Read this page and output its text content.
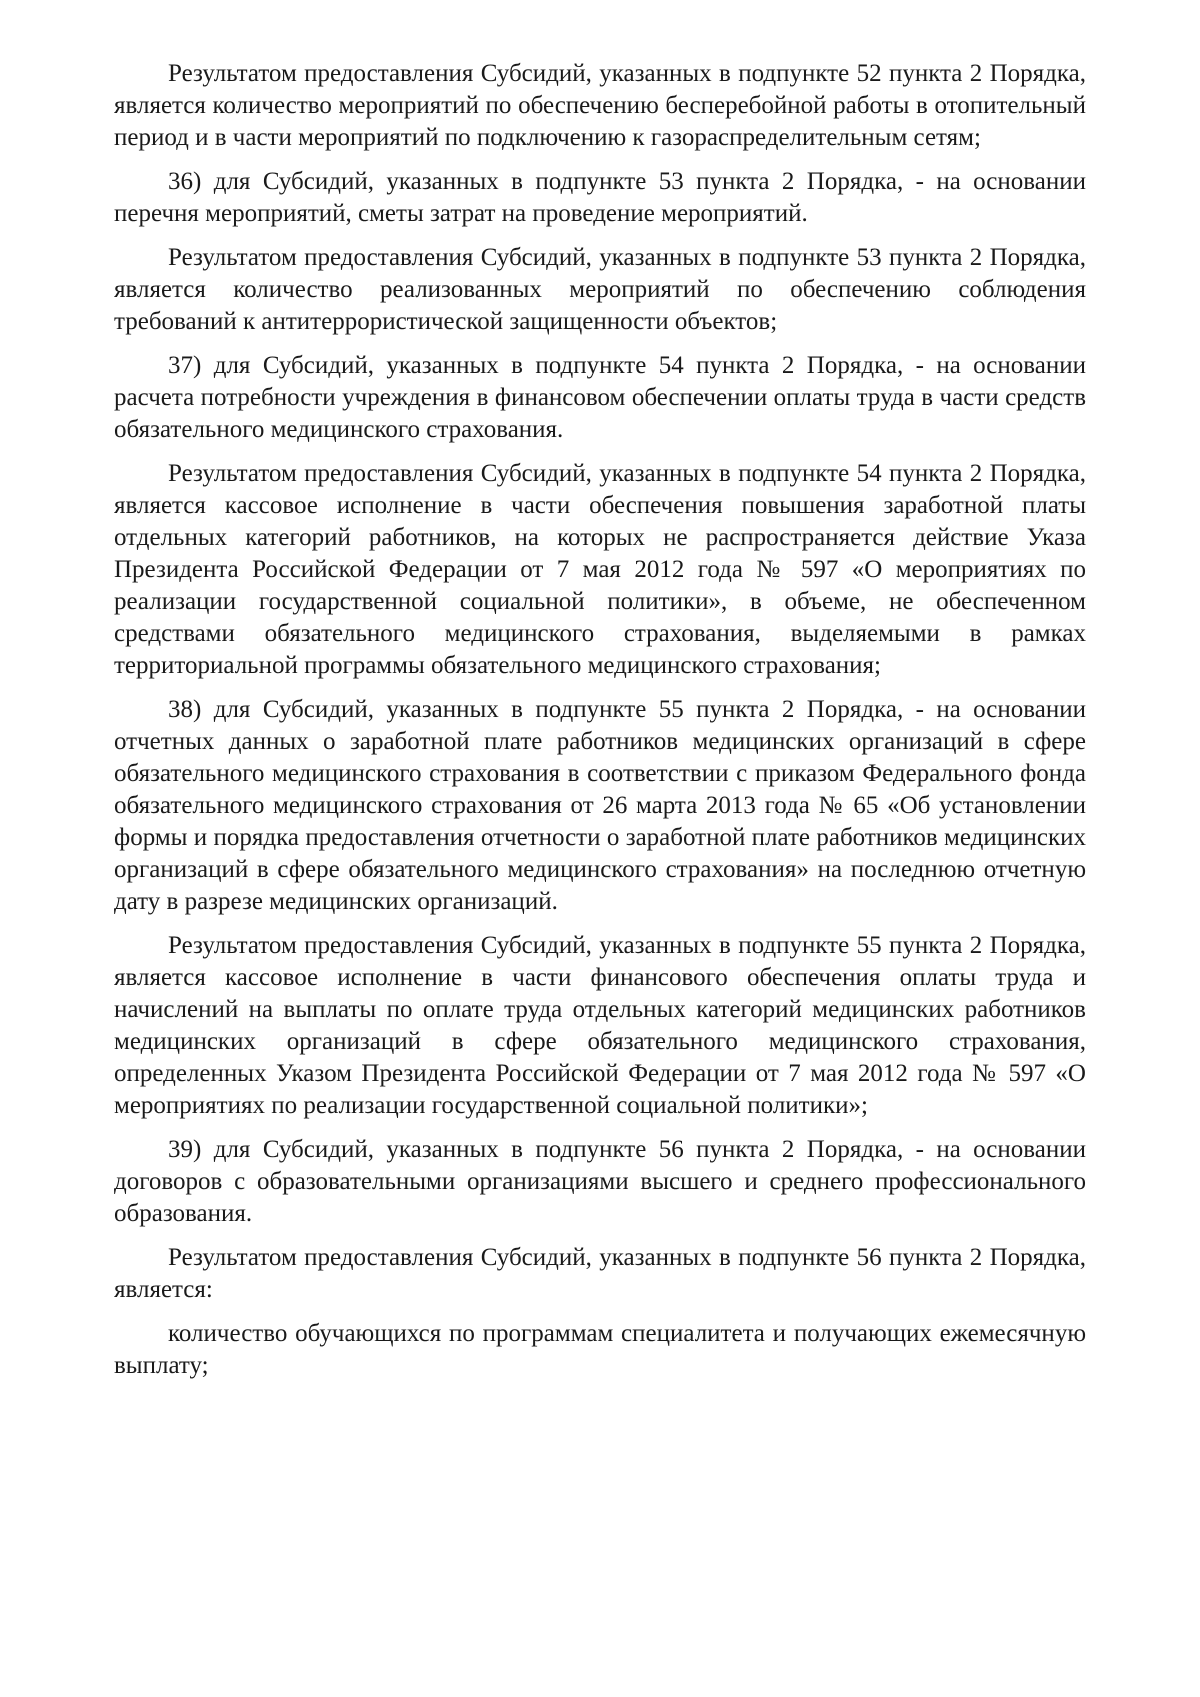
Результатом предоставления Субсидий, указанных в подпункте 52 пункта 2 Порядка, является количество мероприятий по обеспечению бесперебойной работы в отопительный период и в части мероприятий по подключению к газораспределительным сетям;

36) для Субсидий, указанных в подпункте 53 пункта 2 Порядка, - на основании перечня мероприятий, сметы затрат на проведение мероприятий.

Результатом предоставления Субсидий, указанных в подпункте 53 пункта 2 Порядка, является количество реализованных мероприятий по обеспечению соблюдения требований к антитеррористической защищенности объектов;

37) для Субсидий, указанных в подпункте 54 пункта 2 Порядка, - на основании расчета потребности учреждения в финансовом обеспечении оплаты труда в части средств обязательного медицинского страхования.

Результатом предоставления Субсидий, указанных в подпункте 54 пункта 2 Порядка, является кассовое исполнение в части обеспечения повышения заработной платы отдельных категорий работников, на которых не распространяется действие Указа Президента Российской Федерации от 7 мая 2012 года № 597 «О мероприятиях по реализации государственной социальной политики», в объеме, не обеспеченном средствами обязательного медицинского страхования, выделяемыми в рамках территориальной программы обязательного медицинского страхования;

38) для Субсидий, указанных в подпункте 55 пункта 2 Порядка, - на основании отчетных данных о заработной плате работников медицинских организаций в сфере обязательного медицинского страхования в соответствии с приказом Федерального фонда обязательного медицинского страхования от 26 марта 2013 года № 65 «Об установлении формы и порядка предоставления отчетности о заработной плате работников медицинских организаций в сфере обязательного медицинского страхования» на последнюю отчетную дату в разрезе медицинских организаций.

Результатом предоставления Субсидий, указанных в подпункте 55 пункта 2 Порядка, является кассовое исполнение в части финансового обеспечения оплаты труда и начислений на выплаты по оплате труда отдельных категорий медицинских работников медицинских организаций в сфере обязательного медицинского страхования, определенных Указом Президента Российской Федерации от 7 мая 2012 года № 597 «О мероприятиях по реализации государственной социальной политики»;

39) для Субсидий, указанных в подпункте 56 пункта 2 Порядка, - на основании договоров с образовательными организациями высшего и среднего профессионального образования.

Результатом предоставления Субсидий, указанных в подпункте 56 пункта 2 Порядка, является:

количество обучающихся по программам специалитета и получающих ежемесячную выплату;
